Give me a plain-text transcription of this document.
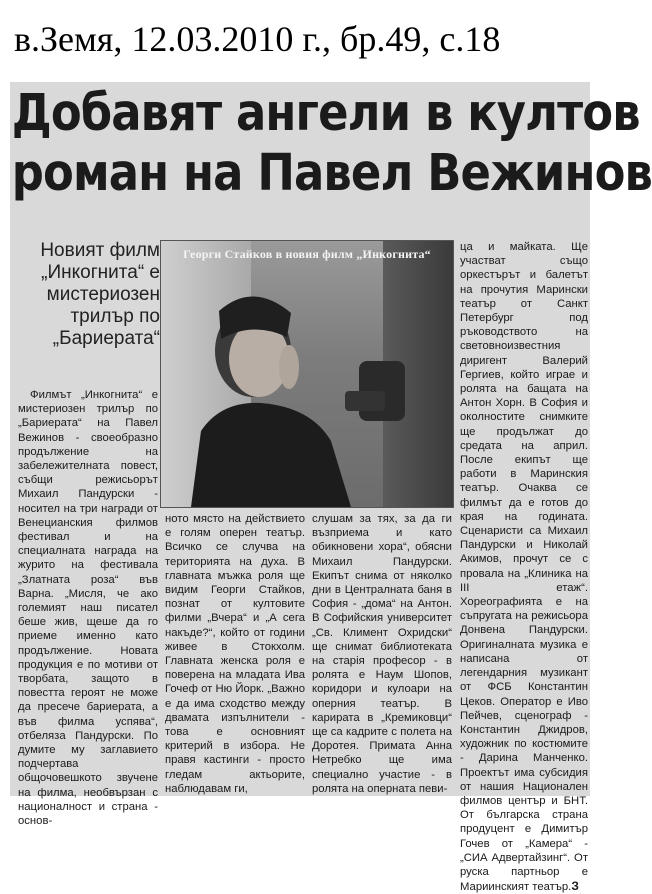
в.Земя, 12.03.2010 г., бр.49, с.18
Добавят ангели в култов
роман на Павел Вежинов
Новият филм „Инкогнита“ е мистериозен трилър по „Бариерата“
Георги Стайков в новия филм „Инкогнита“

Филмът „Инкогнита“ е мистериозен трилър по „Бариерата“ на Павел Вежинов - своеобразно продължение на забележителната повест, събщи режисьорът Михаил Пандурски - носител на три награди от Венецианския филмов фестивал и на специалната награда на журито на фестивала „Златната роза“ във Варна. „Мисля, че ако големият наш писател беше жив, щеше да го приеме именно като продължение. Новата продукция е по мотиви от творбата, защото в повестта героят не може да пресече бариерата, а във филма успява“, отбеляза Пандурски. По думите му заглавието подчертава общочовешкото звучене на филма, необвързан с националност и страна - основ-

ното място на действието е голям оперен театър. Всичко се случва на територията на духа. В главната мъжка роля ще видим Георги Стайков, познат от култовите филми „Вчера“ и „А сега накъде?“, който от години живее в Стокхолм. Главната женска роля е поверена на младата Ива Гочеф от Ню Йорк. „Важно е да има сходство между двамата изпълнители - това е основният критерий в избора. Не правя кастинги - просто гледам актьорите, наблюдавам ги,

слушам за тях, за да ги възприема и като обикновени хора“, обясни Михаил Пандурски. Екипът снима от няколко дни в Централната баня в София - „дома“ на Антон. В Софийския университет „Св. Климент Охридски“ ще снимат библиотеката на старія професор - в ролята е Наум Шопов, коридори и кулоари на оперния театър. В карирата в „Кремиковци“ ще са кадрите с полета на Доротея. Примата Анна Нетребко ще има специално участие - в ролята на оперната певи-

ца и майката. Ще участват също оркестърът и балетът на прочутия Марински театър от Санкт Петербург под ръководството на световноизвестния диригент Валерий Гергиев, който играе и ролята на бащата на Антон Хорн. В София и околностите снимките ще продължат до средата на април. После екипът ще работи в Маринския театър. Очаква се филмът да е готов до края на годината. Сценаристи са Михаил Пандурски и Николай Акимов, прочут се с провала на „Клиника на III етаж“. Хореографията е на съпругата на режисьора Донвена Пандурски. Оригиналната музика е написана от легендарния музикант от ФСБ Константин Цеков. Оператор е Иво Пейчев, сценограф - Константин Джидров, художник по костюмите - Дарина Манченко. Проектът има субсидия от нашия Национален филмов център и БНТ. От българска страна продуцент е Димитър Гочев от „Камера“ - „СИА Адвертайзинг“. От руска партньор е Мариинският театър.З
